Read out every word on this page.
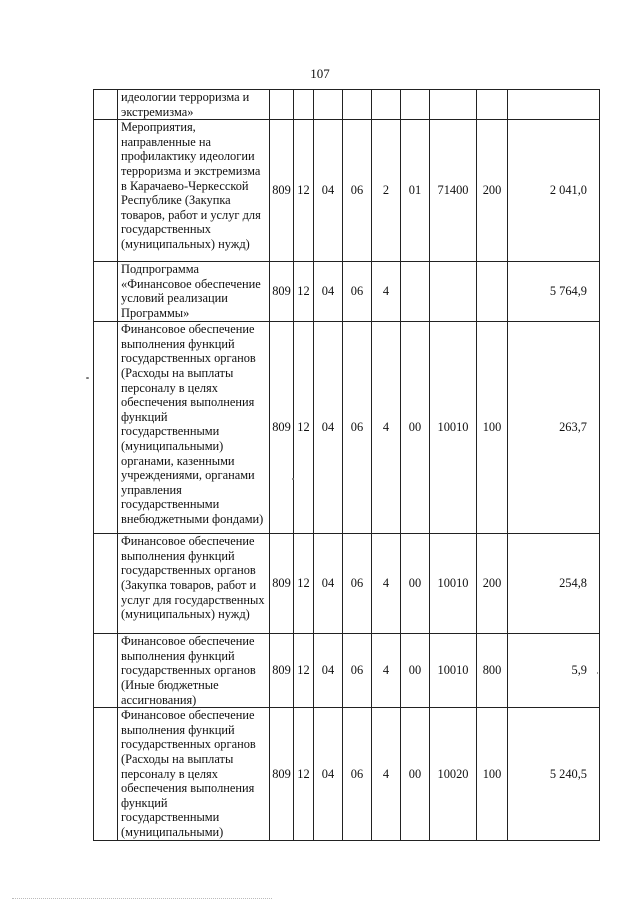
107
	идеологии терроризма и экстремизма»									
	Мероприятия, направленные на профилактику идеологии терроризма и экстремизма в Карачаево-Черкесской Республике (Закупка товаров, работ и услуг для государственных (муниципальных) нужд)	809	12	04	06	2	01	71400	200	2 041,0
	Подпрограмма «Финансовое обеспечение условий реализации Программы»	809	12	04	06	4				5 764,9
	Финансовое обеспечение выполнения функций государственных органов (Расходы на выплаты персоналу в целях обеспечения выполнения функций государственными (муниципальными) органами, казенными учреждениями, органами управления государственными внебюджетными фондами)	809	12	04	06	4	00	10010	100	263,7
	Финансовое обеспечение выполнения функций государственных органов (Закупка товаров, работ и услуг для государственных (муниципальных) нужд)	809	12	04	06	4	00	10010	200	254,8
	Финансовое обеспечение выполнения функций государственных органов (Иные бюджетные ассигнования)	809	12	04	06	4	00	10010	800	5,9
	Финансовое обеспечение выполнения функций государственных органов (Расходы на выплаты персоналу в целях обеспечения выполнения функций государственными (муниципальными)	809	12	04	06	4	00	10020	100	5 240,5
